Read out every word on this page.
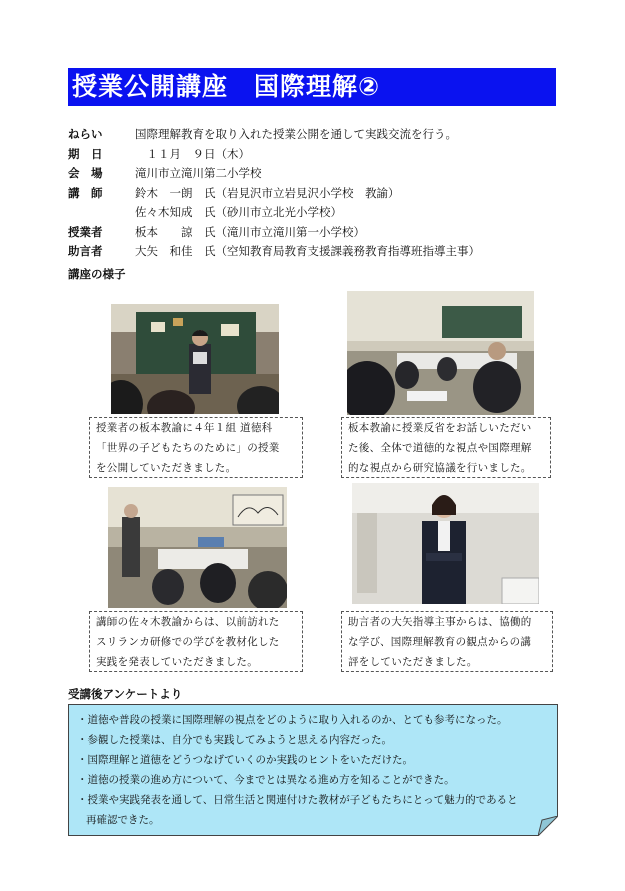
授業公開講座　国際理解②
ねらい	国際理解教育を取り入れた授業公開を通して実践交流を行う。
期　日	　１１月　９日（木）
会　場	滝川市立滝川第二小学校
講　師	鈴木　一朗　氏（岩見沢市立岩見沢小学校　教諭）
佐々木知成　氏（砂川市立北光小学校）
授業者	板本　　諒　氏（滝川市立滝川第一小学校）
助言者	大矢　和佳　氏（空知教育局教育支援課義務教育指導班指導主事）
講座の様子
授業者の板本教諭に４年１組 道徳科
「世界の子どもたちのために」の授業
を公開していただきました。
板本教諭に授業反省をお話しいただい
た後、全体で道徳的な視点や国際理解
的な視点から研究協議を行いました。
講師の佐々木教諭からは、以前訪れた
スリランカ研修での学びを教材化した
実践を発表していただきました。
助言者の大矢指導主事からは、協働的
な学び、国際理解教育の観点からの講
評をしていただきました。
受講後アンケートより
・道徳や普段の授業に国際理解の視点をどのように取り入れるのか、とても参考になった。
・参観した授業は、自分でも実践してみようと思える内容だった。
・国際理解と道徳をどうつなげていくのか実践のヒントをいただけた。
・道徳の授業の進め方について、今までとは異なる進め方を知ることができた。
・授業や実践発表を通して、日常生活と関連付けた教材が子どもたちにとって魅力的であると
再確認できた。
